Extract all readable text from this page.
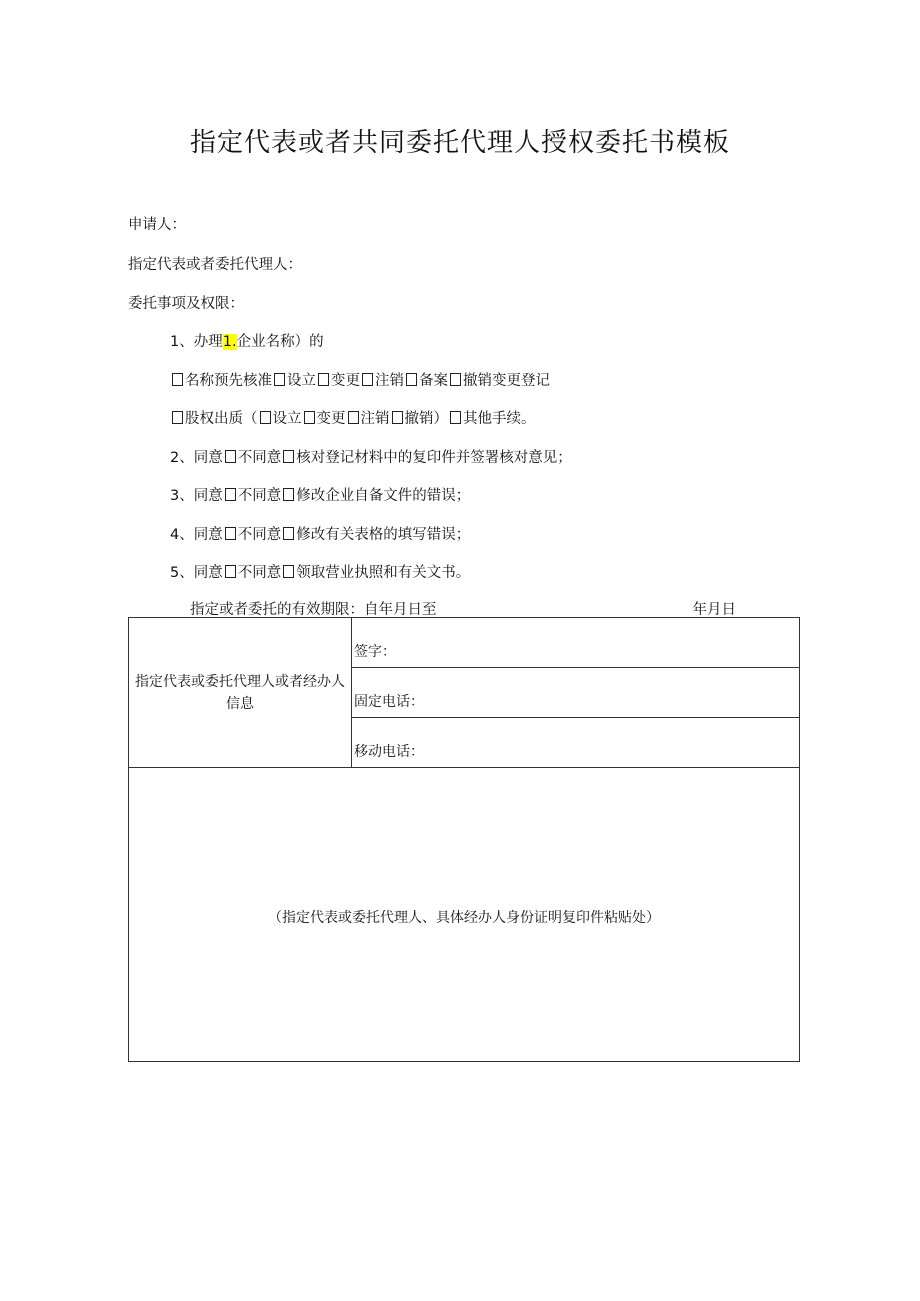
指定代表或者共同委托代理人授权委托书模板
申请人：
指定代表或者委托代理人：
委托事项及权限：
1、办理1.企业名称）的
名称预先核准 设立 变更 注销 备案 撤销变更登记
股权出质（ 设立 变更 注销 撤销） 其他手续。
2、同意 不同意 核对登记材料中的复印件并签署核对意见；
3、同意 不同意 修改企业自备文件的错误；
4、同意 不同意 修改有关表格的填写错误；
5、同意 不同意 领取营业执照和有关文书。
指定或者委托的有效期限：自年月日至	年月日
指定代表或委托代理人或者经办人信息	签字：
固定电话：
移动电话：
（指定代表或委托代理人、具体经办人身份证明复印件粘贴处）
